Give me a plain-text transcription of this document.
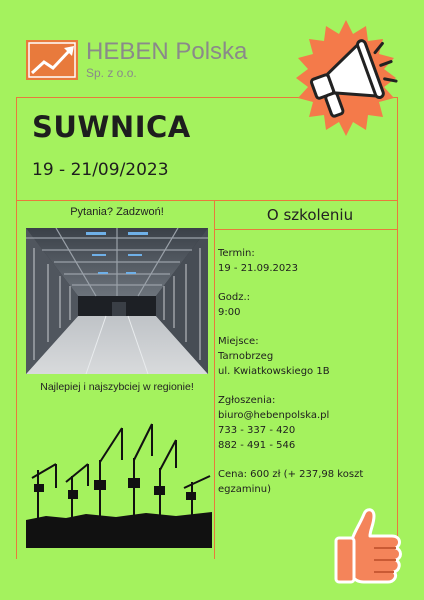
HEBEN Polska
Sp. z o.o.
SUWNICA
19 - 21/09/2023
Pytania? Zadzwoń!
Najlepiej i najszybciej w regionie!
O szkoleniu
Termin:
19 - 21.09.2023
Godz.:
9:00
Miejsce:
Tarnobrzeg
ul. Kwiatkowskiego 1B
Zgłoszenia:
biuro@hebenpolska.pl
733 - 337 - 420
882 - 491 - 546
Cena: 600 zł (+ 237,98 koszt
egzaminu)
